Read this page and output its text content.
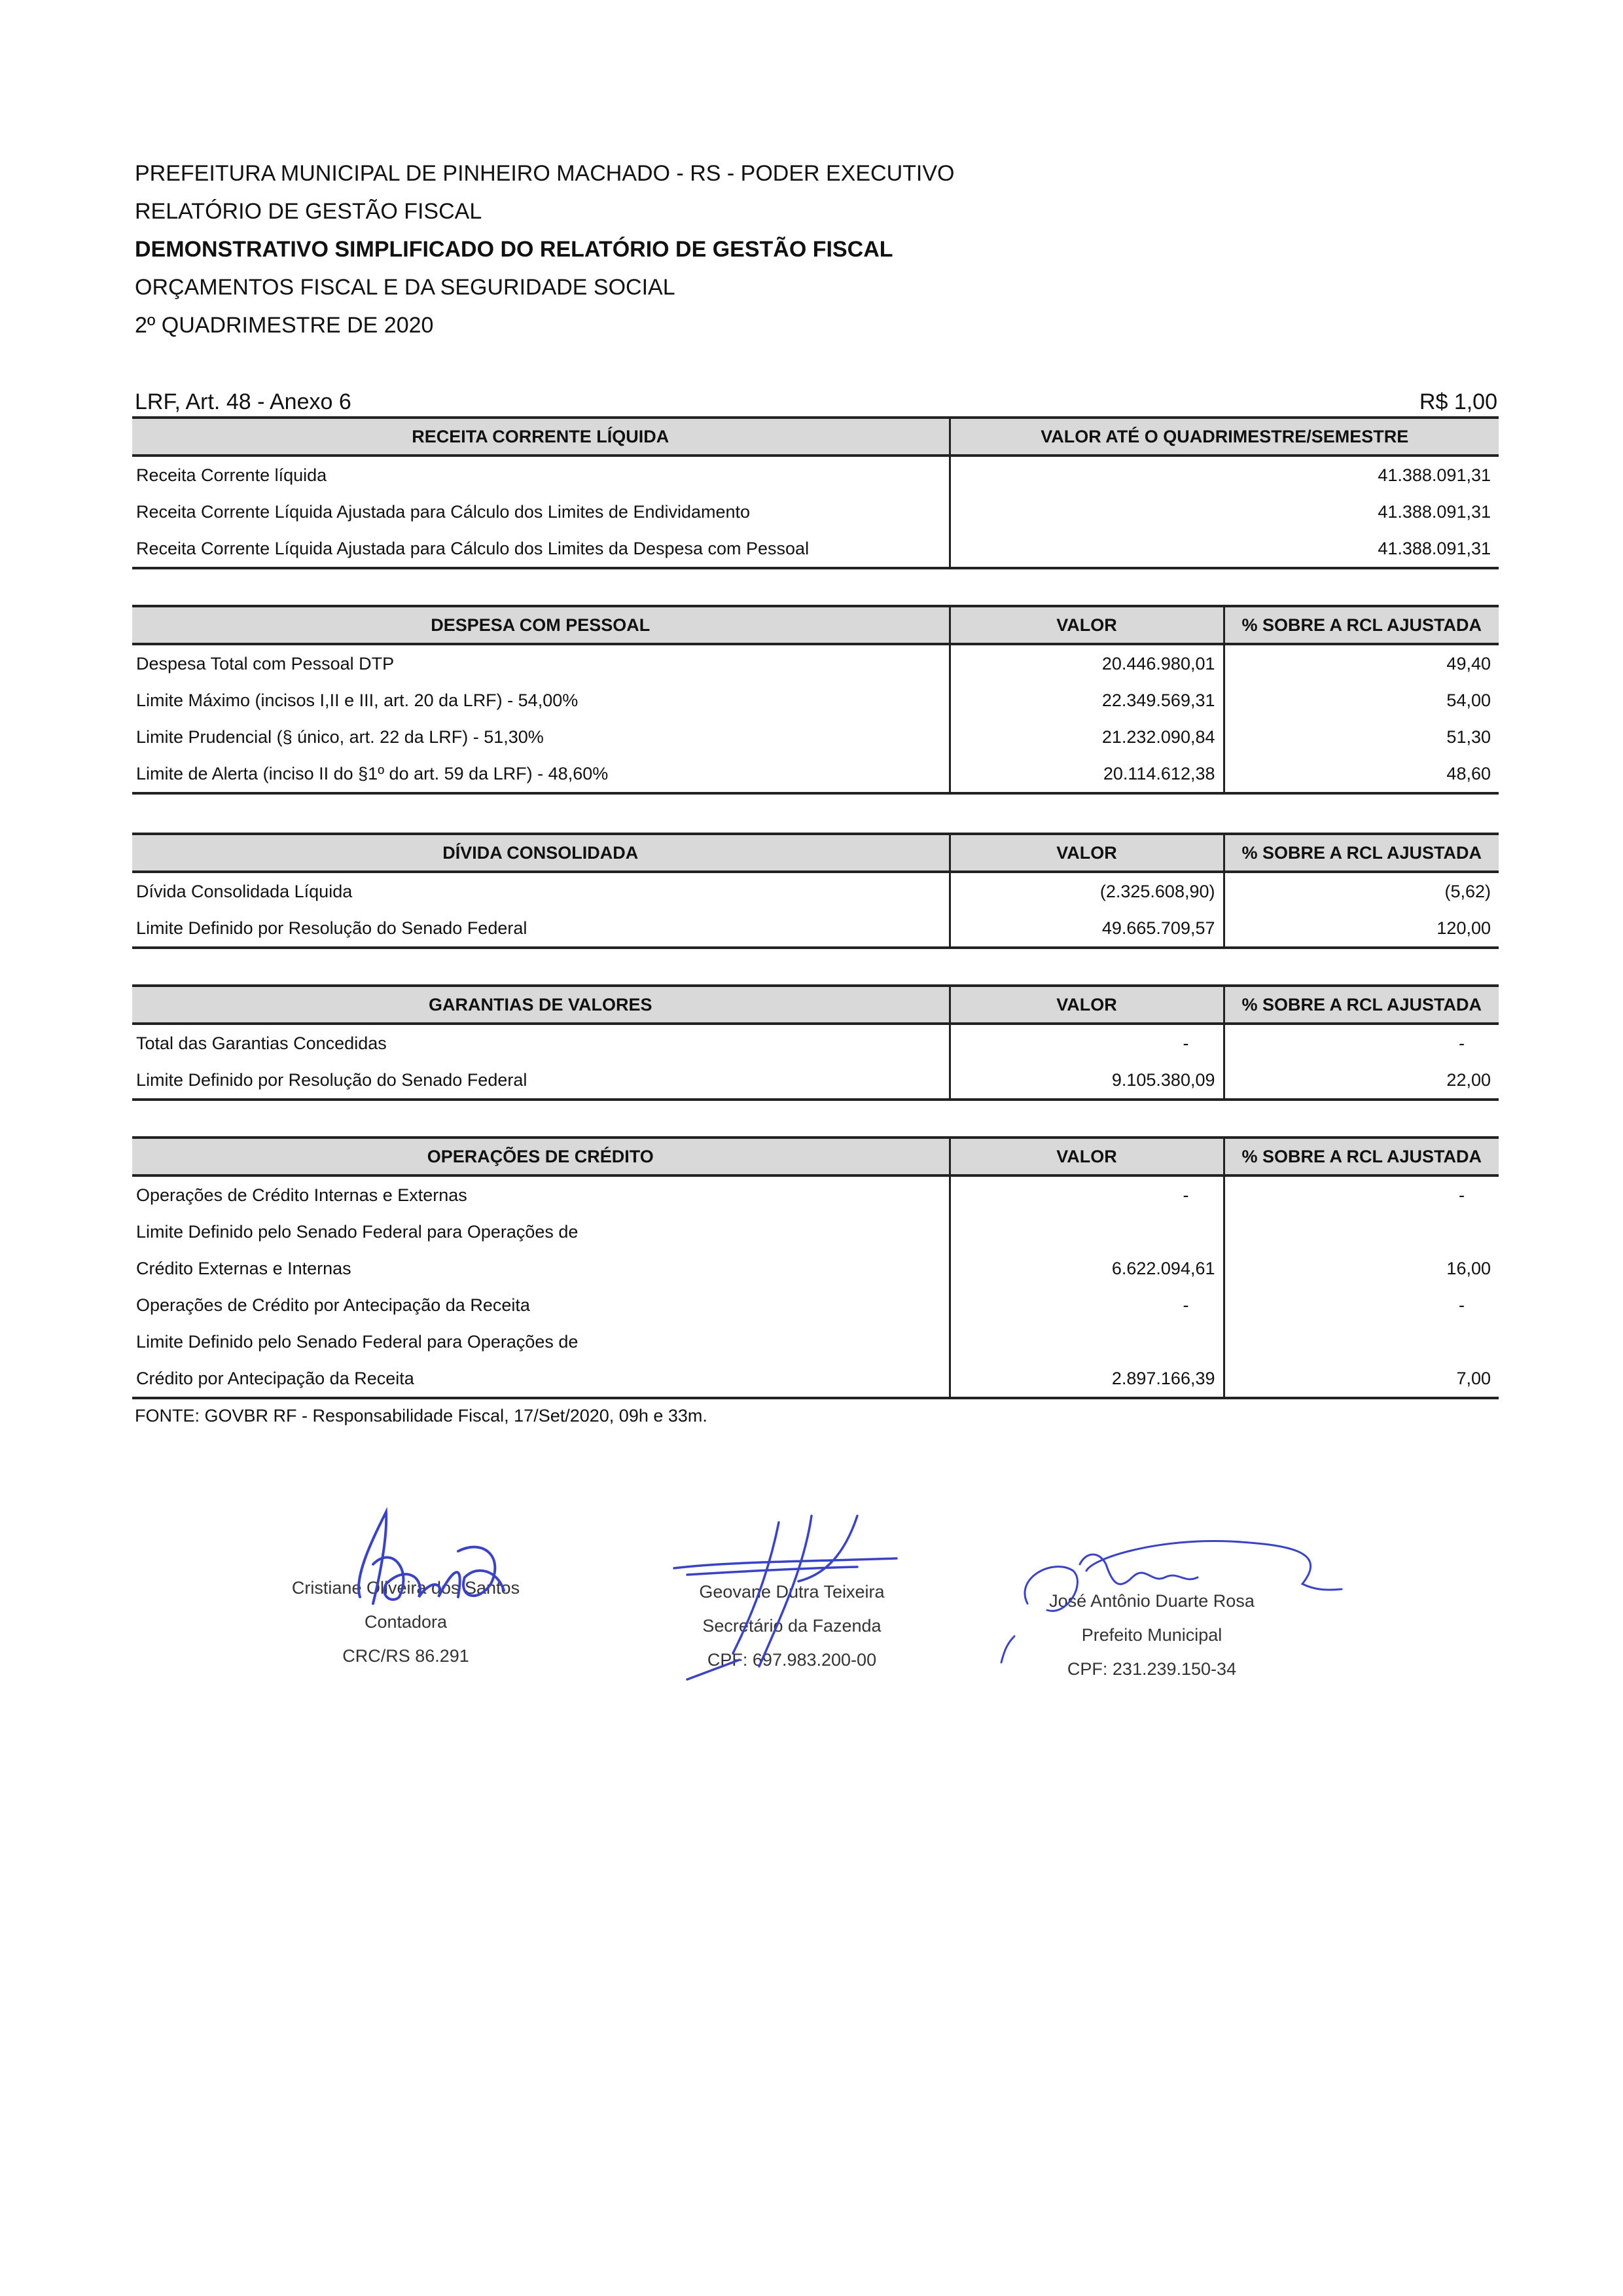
PREFEITURA MUNICIPAL DE PINHEIRO MACHADO - RS - PODER EXECUTIVO
RELATÓRIO DE GESTÃO FISCAL
DEMONSTRATIVO SIMPLIFICADO DO RELATÓRIO DE GESTÃO FISCAL
ORÇAMENTOS FISCAL E DA SEGURIDADE SOCIAL
2º QUADRIMESTRE DE 2020
LRF, Art. 48 - Anexo 6	R$ 1,00
RECEITA CORRENTE LÍQUIDA	VALOR ATÉ O QUADRIMESTRE/SEMESTRE
Receita Corrente líquida	41.388.091,31
Receita Corrente Líquida Ajustada para Cálculo dos Limites de Endividamento	41.388.091,31
Receita Corrente Líquida Ajustada para Cálculo dos Limites da Despesa com Pessoal	41.388.091,31
DESPESA COM PESSOAL	VALOR	% SOBRE A RCL AJUSTADA
Despesa Total com Pessoal DTP	20.446.980,01	49,40
Limite Máximo (incisos I,II e III, art. 20 da LRF) - 54,00%	22.349.569,31	54,00
Limite Prudencial (§ único, art. 22 da LRF) - 51,30%	21.232.090,84	51,30
Limite de Alerta (inciso II do §1º do art. 59 da LRF) - 48,60%	20.114.612,38	48,60
DÍVIDA CONSOLIDADA	VALOR	% SOBRE A RCL AJUSTADA
Dívida Consolidada Líquida	(2.325.608,90)	(5,62)
Limite Definido por Resolução do Senado Federal	49.665.709,57	120,00
GARANTIAS DE VALORES	VALOR	% SOBRE A RCL AJUSTADA
Total das Garantias Concedidas	-	-
Limite Definido por Resolução do Senado Federal	9.105.380,09	22,00
OPERAÇÕES DE CRÉDITO	VALOR	% SOBRE A RCL AJUSTADA
Operações de Crédito Internas e Externas	-	-
Limite Definido pelo Senado Federal para Operações de		
Crédito Externas e Internas	6.622.094,61	16,00
Operações de Crédito por Antecipação da Receita	-	-
Limite Definido pelo Senado Federal para Operações de		
Crédito por Antecipação da Receita	2.897.166,39	7,00
FONTE: GOVBR RF - Responsabilidade Fiscal, 17/Set/2020, 09h e 33m.
Cristiane Oliveira dos Santos
Contadora
CRC/RS 86.291
Geovane Dutra Teixeira
Secretário da Fazenda
CPF: 697.983.200-00
José Antônio Duarte Rosa
Prefeito Municipal
CPF: 231.239.150-34
